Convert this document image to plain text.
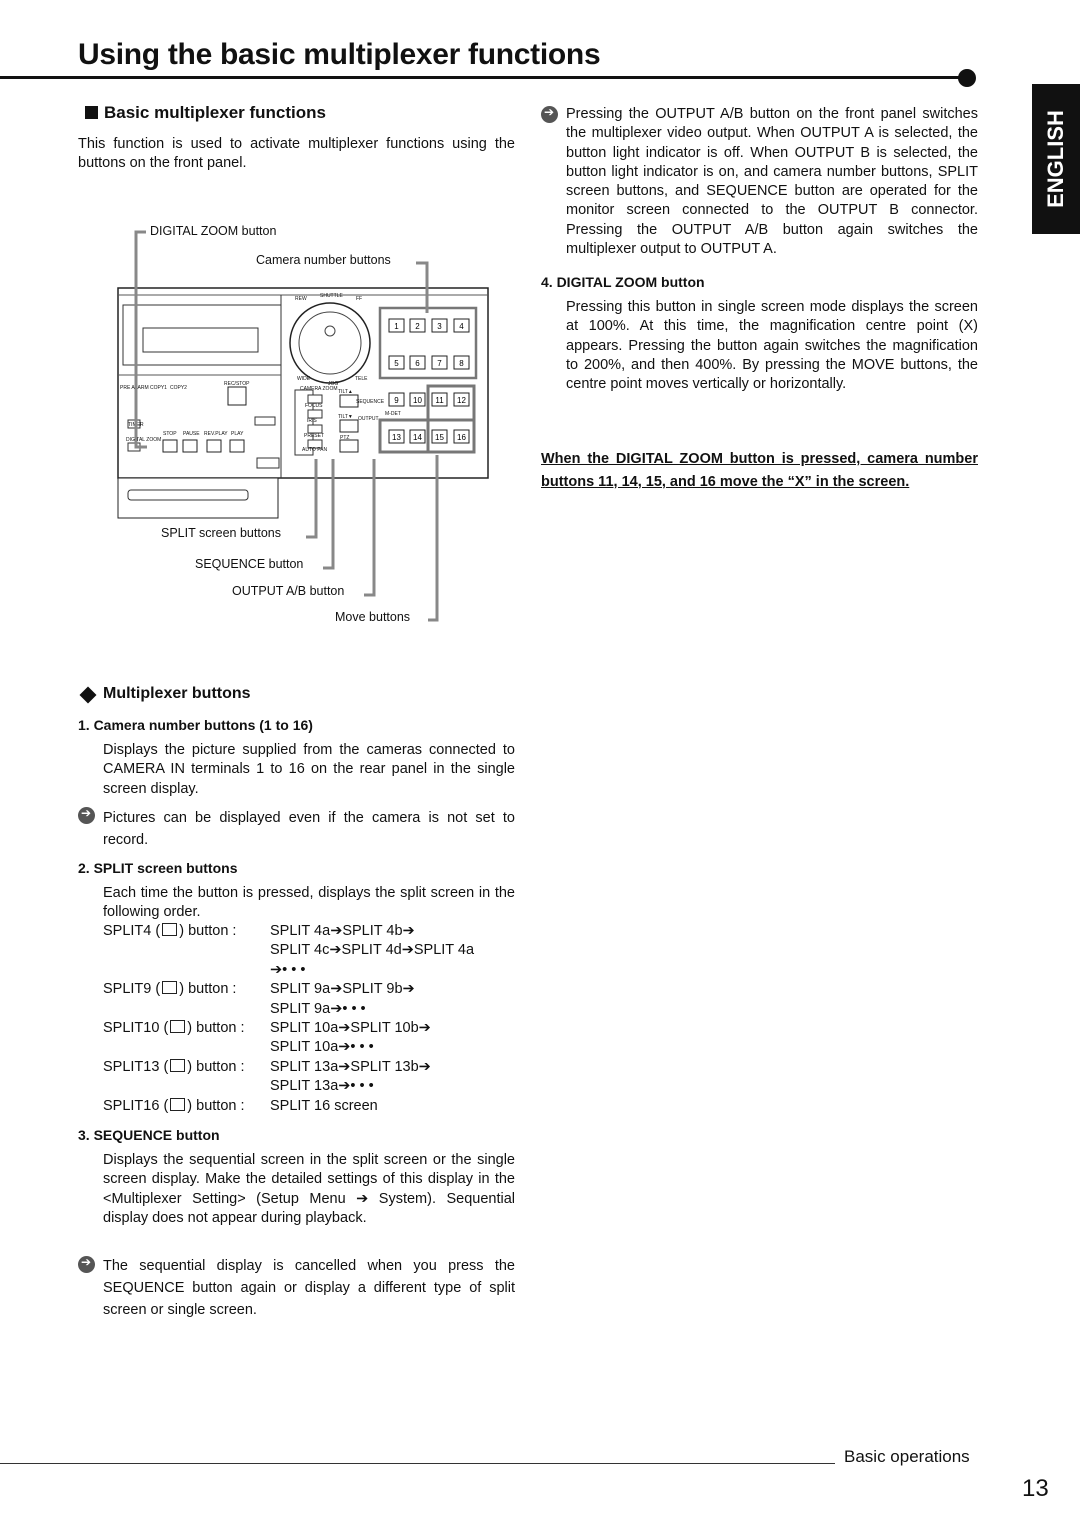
Using the basic multiplexer functions
ENGLISH
Basic multiplexer functions
This function is used to activate multiplexer functions using the buttons on the front panel.
PRE ALARM COPY1 COPY2
REC/STOP
TIMER
STOP PAUSE REV.PLAY PLAY
DIGITAL ZOOM
REW	FF
SHUTTLE
JOG
WIDE	TELE
CAMERA ZOOM
FOCUS
IRIS
PRESET
AUTO PAN
TILT▲
TILT▼
SEQUENCE
OUTPUT
PTZ
M-DET
1 2 3 4
5 6 7 8
9 10 11 12
13 14 15 16
DIGITAL ZOOM button
Camera number buttons
SPLIT screen buttons
SEQUENCE button
OUTPUT A/B button
Move buttons
Multiplexer buttons
1. Camera number buttons (1 to 16)
Displays the picture supplied from the cameras connected to CAMERA IN terminals 1 to 16 on the rear panel in the single screen display.
➔
Pictures can be displayed even if the camera is not set to record.
2. SPLIT screen buttons
Each time the button is pressed, displays the split screen in the following order.
SPLIT4 ( ) button :	SPLIT 4a➔SPLIT 4b➔
SPLIT 4c➔SPLIT 4d➔SPLIT 4a
➔• • •
SPLIT9 ( ) button :	SPLIT 9a➔SPLIT 9b➔
SPLIT 9a➔• • •
SPLIT10 ( ) button :	SPLIT 10a➔SPLIT 10b➔
SPLIT 10a➔• • •
SPLIT13 ( ) button :	SPLIT 13a➔SPLIT 13b➔
SPLIT 13a➔• • •
SPLIT16 ( ) button :	SPLIT 16 screen
3. SEQUENCE button
Displays the sequential screen in the split screen or the single screen display. Make the detailed settings of this display in the <Multiplexer Setting> (Setup Menu ➔ System). Sequential display does not appear during playback.
➔
The sequential display is cancelled when you press the SEQUENCE button again or display a different type of split screen or single screen.
➔
Pressing the OUTPUT A/B button on the front panel switches the multiplexer video output. When OUTPUT A is selected, the button light indicator is off. When OUTPUT B is selected, the button light indicator is on, and camera number buttons, SPLIT screen buttons, and SEQUENCE button are operated for the monitor screen connected to the OUTPUT B connector. Pressing the OUTPUT A/B button again switches the multiplexer output to OUTPUT A.
4. DIGITAL ZOOM button
Pressing this button in single screen mode displays the screen at 100%. At this time, the magnification centre point (X) appears. Pressing the button again switches the magnification to 200%, and then 400%. By pressing the MOVE buttons, the centre point moves vertically or horizontally.
When the DIGITAL ZOOM button is pressed, camera number buttons 11, 14, 15, and 16 move the “X” in the screen.
Basic operations
13
